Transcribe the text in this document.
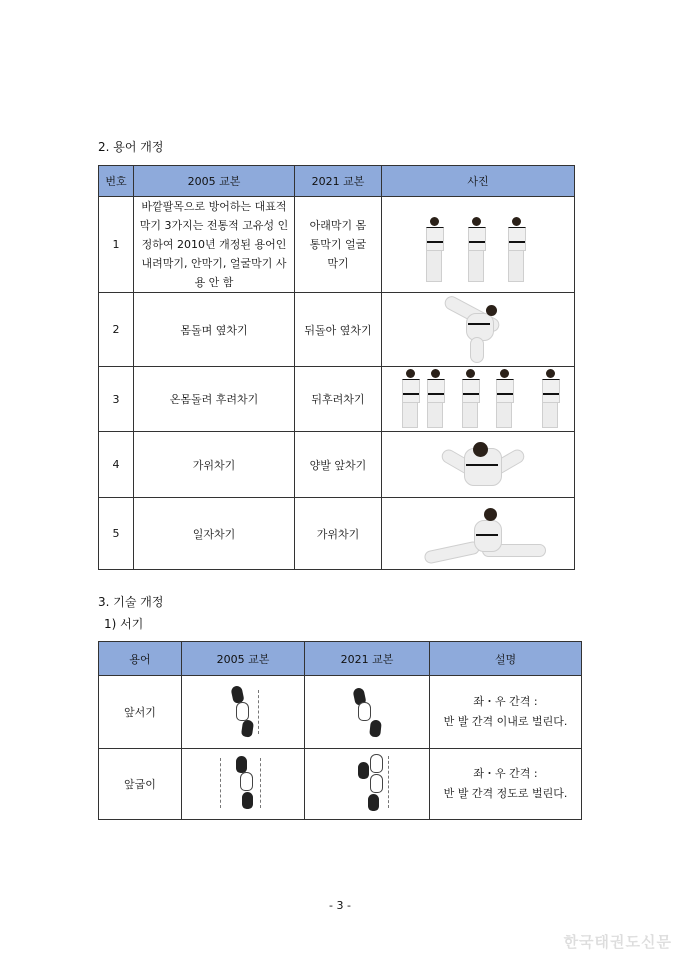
2. 용어 개정
번호	2005 교본	2021 교본	사진
1	바깥팔목으로 방어하는 대표적 막기 3가지는 전통적 고유성 인정하여 2010년 개정된 용어인 내려막기, 안막기, 얼굴막기 사용 안 함	아래막기 몸통막기 얼굴막기	

2	몸돌며 옆차기	뒤돌아 옆차기	

3	온몸돌려 후려차기	뒤후려차기	

4	가위차기	양발 앞차기	

5	일자차기	가위차기	
3. 기술 개정
1) 서기
용어	2005 교본	2021 교본	설명
앞서기			좌・우 간격 :
반 발 간격 이내로 벌린다.

앞굽이			좌・우 간격 :
반 발 간격 정도로 벌린다.
- 3 -
한국태권도신문
